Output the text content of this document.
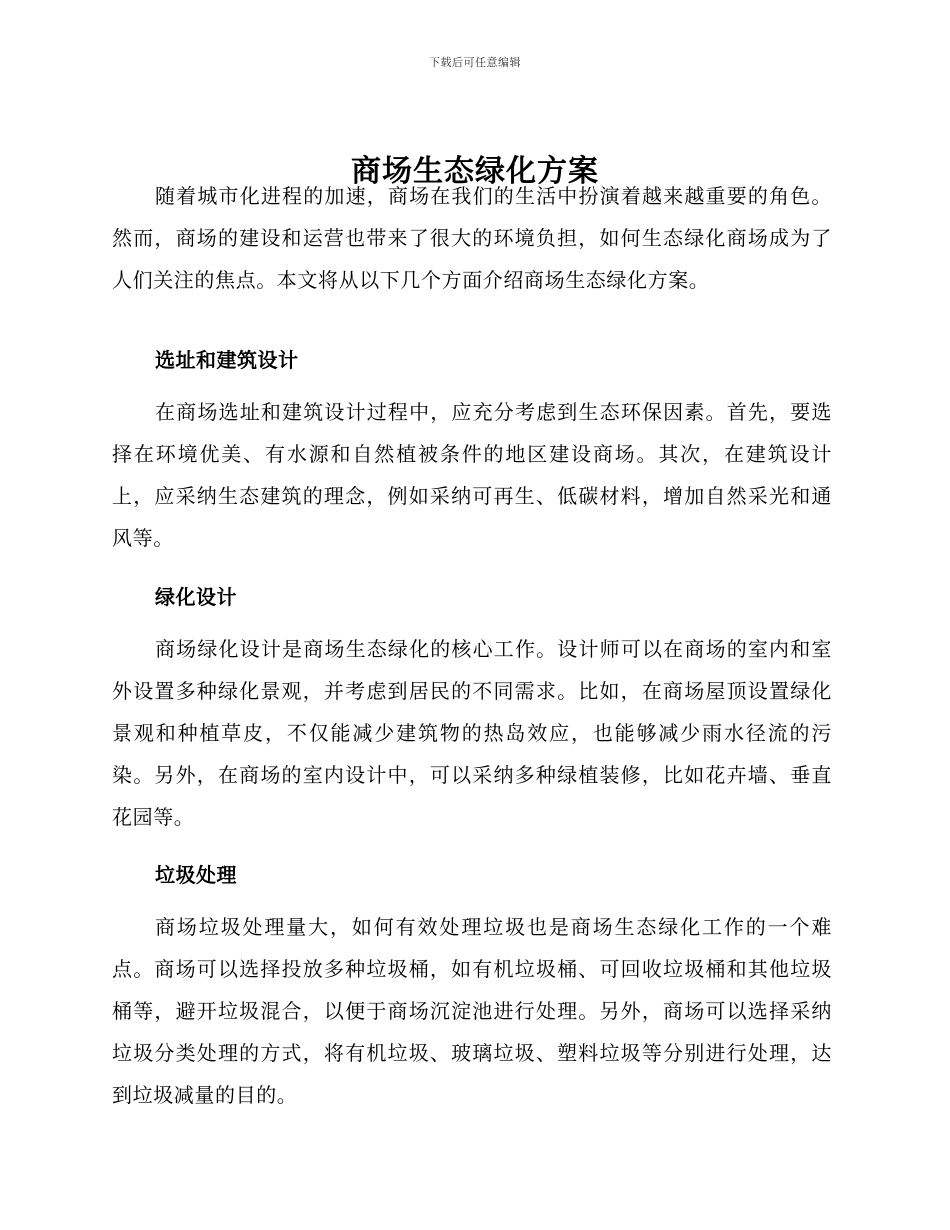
下载后可任意编辑
商场生态绿化方案

随着城市化进程的加速，商场在我们的生活中扮演着越来越重要的角色。然而，商场的建设和运营也带来了很大的环境负担，如何生态绿化商场成为了人们关注的焦点。本文将从以下几个方面介绍商场生态绿化方案。

选址和建筑设计

在商场选址和建筑设计过程中，应充分考虑到生态环保因素。首先，要选择在环境优美、有水源和自然植被条件的地区建设商场。其次，在建筑设计上，应采纳生态建筑的理念，例如采纳可再生、低碳材料，增加自然采光和通风等。

绿化设计

商场绿化设计是商场生态绿化的核心工作。设计师可以在商场的室内和室外设置多种绿化景观，并考虑到居民的不同需求。比如，在商场屋顶设置绿化景观和种植草皮，不仅能减少建筑物的热岛效应，也能够减少雨水径流的污染。另外，在商场的室内设计中，可以采纳多种绿植装修，比如花卉墙、垂直花园等。

垃圾处理

商场垃圾处理量大，如何有效处理垃圾也是商场生态绿化工作的一个难点。商场可以选择投放多种垃圾桶，如有机垃圾桶、可回收垃圾桶和其他垃圾桶等，避开垃圾混合，以便于商场沉淀池进行处理。另外，商场可以选择采纳垃圾分类处理的方式，将有机垃圾、玻璃垃圾、塑料垃圾等分别进行处理，达到垃圾减量的目的。
